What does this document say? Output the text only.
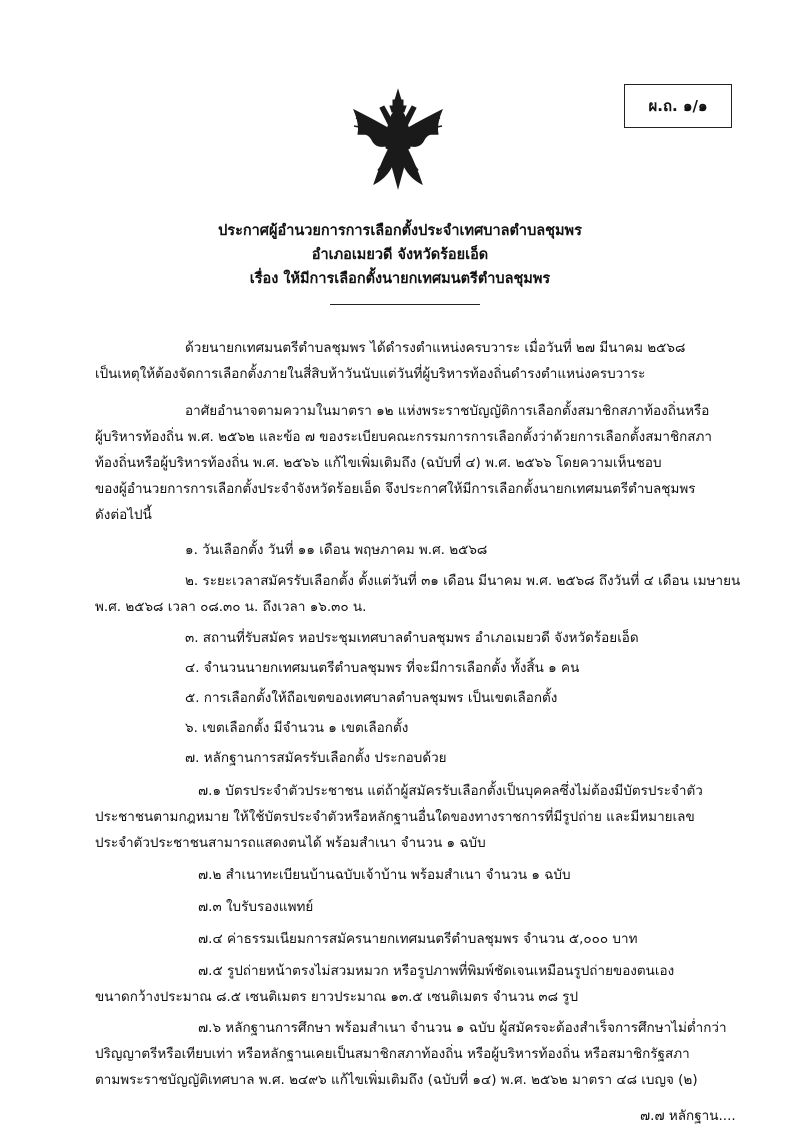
ผ.ถ. ๑/๑
ประกาศผู้อำนวยการการเลือกตั้งประจำเทศบาลตำบลชุมพร
อำเภอเมยวดี จังหวัดร้อยเอ็ด
เรื่อง ให้มีการเลือกตั้งนายกเทศมนตรีตำบลชุมพร
ด้วยนายกเทศมนตรีตำบลชุมพร ได้ดำรงตำแหน่งครบวาระ เมื่อวันที่ ๒๗ มีนาคม ๒๕๖๘
เป็นเหตุให้ต้องจัดการเลือกตั้งภายในสี่สิบห้าวันนับแต่วันที่ผู้บริหารท้องถิ่นดำรงตำแหน่งครบวาระ
อาศัยอำนาจตามความในมาตรา ๑๒ แห่งพระราชบัญญัติการเลือกตั้งสมาชิกสภาท้องถิ่นหรือ
ผู้บริหารท้องถิ่น พ.ศ. ๒๕๖๒ และข้อ ๗ ของระเบียบคณะกรรมการการเลือกตั้งว่าด้วยการเลือกตั้งสมาชิกสภา
ท้องถิ่นหรือผู้บริหารท้องถิ่น พ.ศ. ๒๕๖๖ แก้ไขเพิ่มเติมถึง (ฉบับที่ ๔) พ.ศ. ๒๕๖๖ โดยความเห็นชอบ
ของผู้อำนวยการการเลือกตั้งประจำจังหวัดร้อยเอ็ด จึงประกาศให้มีการเลือกตั้งนายกเทศมนตรีตำบลชุมพร
ดังต่อไปนี้
๑. วันเลือกตั้ง วันที่ ๑๑ เดือน พฤษภาคม พ.ศ. ๒๕๖๘
๒. ระยะเวลาสมัครรับเลือกตั้ง ตั้งแต่วันที่ ๓๑ เดือน มีนาคม พ.ศ. ๒๕๖๘ ถึงวันที่ ๔ เดือน เมษายน
พ.ศ. ๒๕๖๘ เวลา ๐๘.๓๐ น. ถึงเวลา ๑๖.๓๐ น.
๓. สถานที่รับสมัคร หอประชุมเทศบาลตำบลชุมพร อำเภอเมยวดี จังหวัดร้อยเอ็ด
๔. จำนวนนายกเทศมนตรีตำบลชุมพร ที่จะมีการเลือกตั้ง ทั้งสิ้น ๑ คน
๕. การเลือกตั้งให้ถือเขตของเทศบาลตำบลชุมพร เป็นเขตเลือกตั้ง
๖. เขตเลือกตั้ง มีจำนวน ๑ เขตเลือกตั้ง
๗. หลักฐานการสมัครรับเลือกตั้ง ประกอบด้วย
๗.๑ บัตรประจำตัวประชาชน แต่ถ้าผู้สมัครรับเลือกตั้งเป็นบุคคลซึ่งไม่ต้องมีบัตรประจำตัว
ประชาชนตามกฎหมาย ให้ใช้บัตรประจำตัวหรือหลักฐานอื่นใดของทางราชการที่มีรูปถ่าย และมีหมายเลข
ประจำตัวประชาชนสามารถแสดงตนได้ พร้อมสำเนา จำนวน ๑ ฉบับ
๗.๒ สำเนาทะเบียนบ้านฉบับเจ้าบ้าน พร้อมสำเนา จำนวน ๑ ฉบับ
๗.๓ ใบรับรองแพทย์
๗.๔ ค่าธรรมเนียมการสมัครนายกเทศมนตรีตำบลชุมพร จำนวน ๕,๐๐๐ บาท
๗.๕ รูปถ่ายหน้าตรงไม่สวมหมวก หรือรูปภาพที่พิมพ์ชัดเจนเหมือนรูปถ่ายของตนเอง
ขนาดกว้างประมาณ ๘.๕ เซนติเมตร ยาวประมาณ ๑๓.๕ เซนติเมตร จำนวน ๓๘ รูป
๗.๖ หลักฐานการศึกษา พร้อมสำเนา จำนวน ๑ ฉบับ ผู้สมัครจะต้องสำเร็จการศึกษาไม่ต่ำกว่า
ปริญญาตรีหรือเทียบเท่า หรือหลักฐานเคยเป็นสมาชิกสภาท้องถิ่น หรือผู้บริหารท้องถิ่น หรือสมาชิกรัฐสภา
ตามพระราชบัญญัติเทศบาล พ.ศ. ๒๔๙๖ แก้ไขเพิ่มเติมถึง (ฉบับที่ ๑๔) พ.ศ. ๒๕๖๒ มาตรา ๔๘ เบญจ (๒)
๗.๗ หลักฐาน....
